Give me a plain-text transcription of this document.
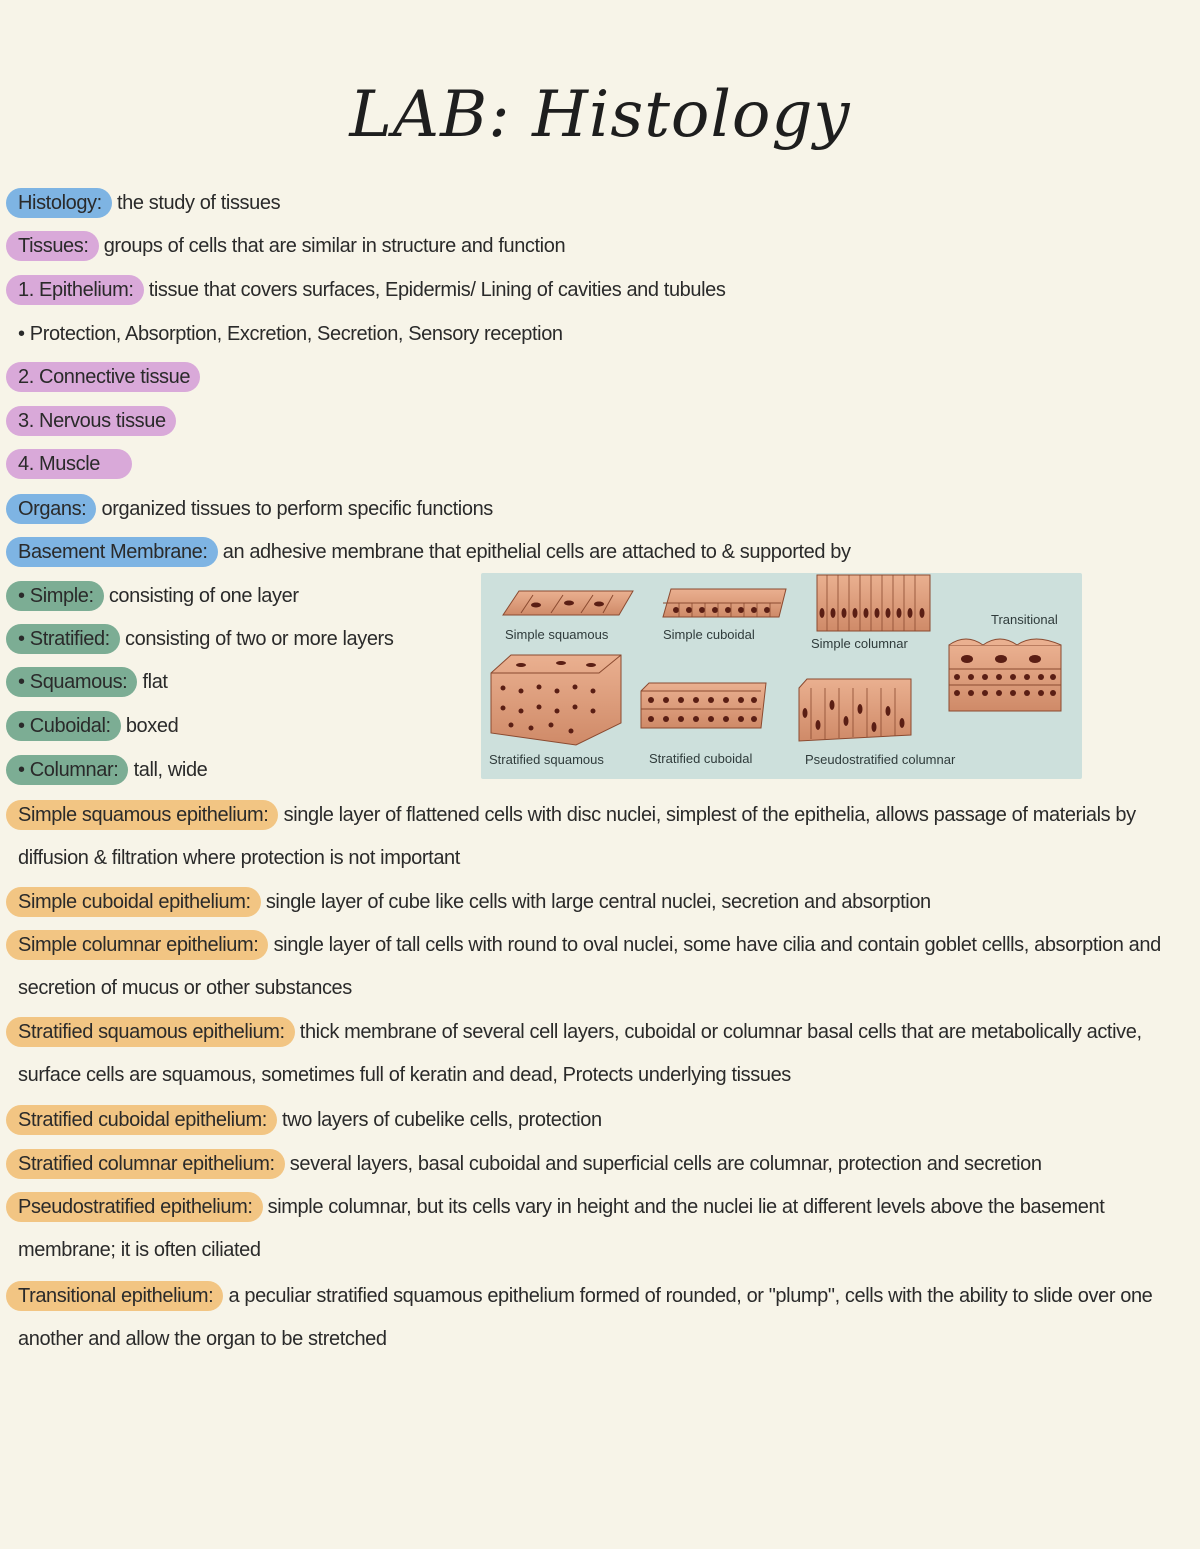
LAB: Histology
Histology: the study of tissues
Tissues: groups of cells that are similar in structure and function
1. Epithelium: tissue that covers surfaces, Epidermis/ Lining of cavities and tubules
• Protection, Absorption, Excretion, Secretion, Sensory reception
2. Connective tissue
3. Nervous tissue
4. Muscle
Organs: organized tissues to perform specific functions
Basement Membrane: an adhesive membrane that epithelial cells are attached to & supported by
• Simple: consisting of one layer
• Stratified: consisting of two or more layers
• Squamous: flat
• Cuboidal: boxed
• Columnar: tall, wide
Simple squamous epithelium: single layer of flattened cells with disc nuclei, simplest of the epithelia, allows passage of materials by diffusion & filtration where protection is not important
Simple cuboidal epithelium: single layer of cube like cells with large central nuclei, secretion and absorption
Simple columnar epithelium: single layer of tall cells with round to oval nuclei, some have cilia and contain goblet cellls, absorption and secretion of mucus or other substances
Stratified squamous epithelium: thick membrane of several cell layers, cuboidal or columnar basal cells that are metabolically active, surface cells are squamous, sometimes full of keratin and dead, Protects underlying tissues
Stratified cuboidal epithelium: two layers of cubelike cells, protection
Stratified columnar epithelium: several layers, basal cuboidal and superficial cells are columnar, protection and secretion
Pseudostratified epithelium: simple columnar, but its cells vary in height and the nuclei lie at different levels above the basement membrane; it is often ciliated
Transitional epithelium: a peculiar stratified squamous epithelium formed of rounded, or "plump", cells with the ability to slide over one another and allow the organ to be stretched
Simple squamous	Simple cuboidal
Simple columnar
Transitional
Stratified squamous	Stratified cuboidal	Pseudostratified columnar
